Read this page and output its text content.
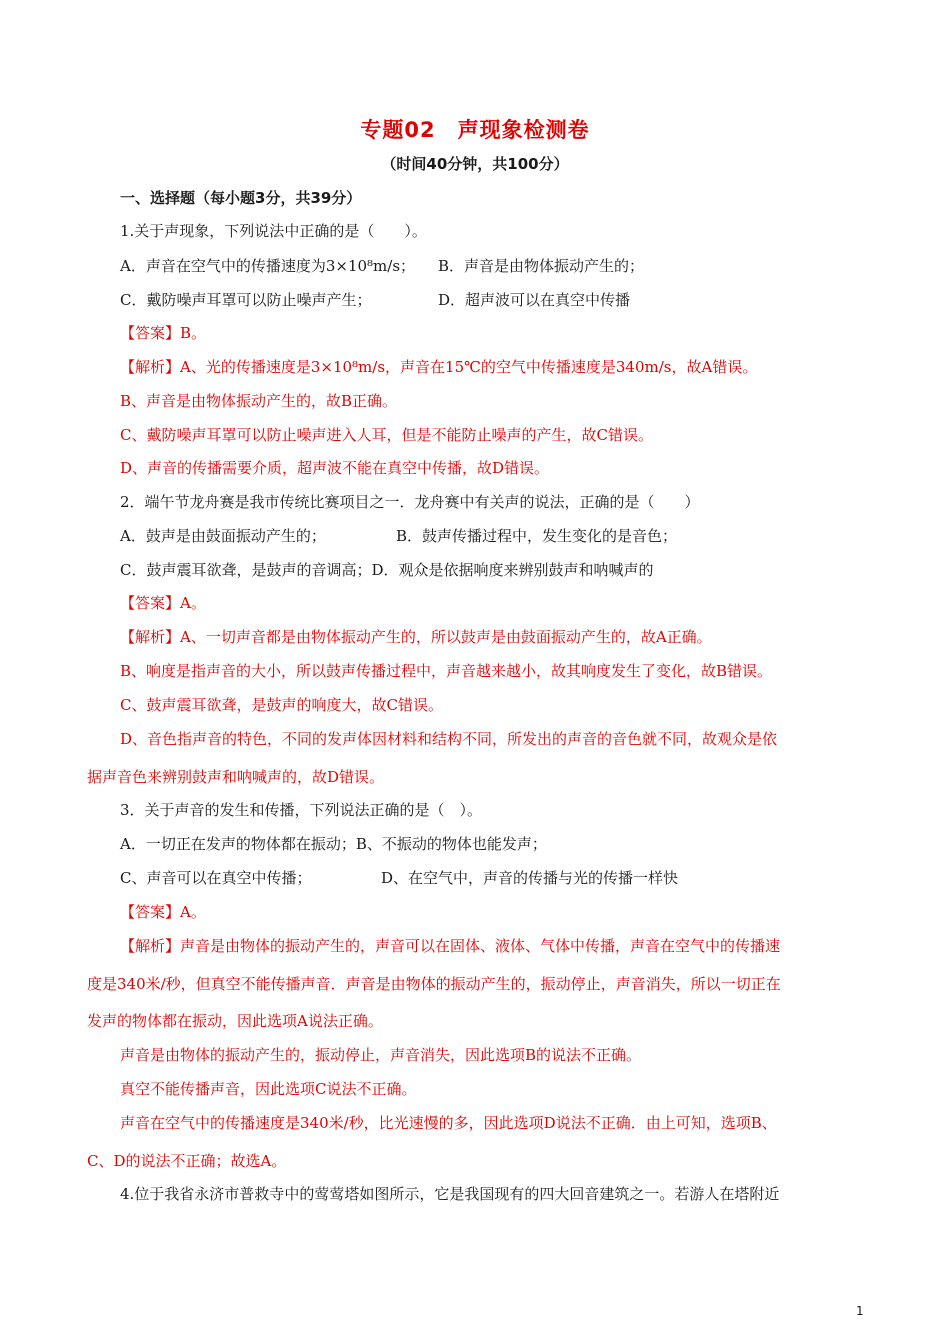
专题02　声现象检测卷
（时间40分钟，共100分）
一、选择题（每小题3分，共39分）
1.关于声现象，下列说法中正确的是（　　）。
A．声音在空气中的传播速度为3×10⁸m/s； B．声音是由物体振动产生的；
C．戴防噪声耳罩可以防止噪声产生；	D．超声波可以在真空中传播
【答案】B。
【解析】A、光的传播速度是3×10⁸m/s，声音在15℃的空气中传播速度是340m/s，故A错误。
B、声音是由物体振动产生的，故B正确。
C、戴防噪声耳罩可以防止噪声进入人耳，但是不能防止噪声的产生，故C错误。
D、声音的传播需要介质，超声波不能在真空中传播，故D错误。
2．端午节龙舟赛是我市传统比赛项目之一．龙舟赛中有关声的说法，正确的是（　　）
A．鼓声是由鼓面振动产生的；	B．鼓声传播过程中，发生变化的是音色；
C．鼓声震耳欲聋，是鼓声的音调高；D．观众是依据响度来辨别鼓声和呐喊声的
【答案】A。
【解析】A、一切声音都是由物体振动产生的，所以鼓声是由鼓面振动产生的，故A正确。
B、响度是指声音的大小，所以鼓声传播过程中，声音越来越小，故其响度发生了变化，故B错误。
C、鼓声震耳欲聋，是鼓声的响度大，故C错误。
D、音色指声音的特色，不同的发声体因材料和结构不同，所发出的声音的音色就不同，故观众是依
据声音色来辨别鼓声和呐喊声的，故D错误。
3．关于声音的发生和传播，下列说法正确的是（　）。
A．一切正在发声的物体都在振动；B、不振动的物体也能发声；
C、声音可以在真空中传播；	D、在空气中，声音的传播与光的传播一样快
【答案】A。
【解析】声音是由物体的振动产生的，声音可以在固体、液体、气体中传播，声音在空气中的传播速
度是340米/秒，但真空不能传播声音．声音是由物体的振动产生的，振动停止，声音消失，所以一切正在
发声的物体都在振动，因此选项A说法正确。
声音是由物体的振动产生的，振动停止，声音消失，因此选项B的说法不正确。
真空不能传播声音，因此选项C说法不正确。
声音在空气中的传播速度是340米/秒，比光速慢的多，因此选项D说法不正确．由上可知，选项B、
C、D的说法不正确；故选A。
4.位于我省永济市普救寺中的莺莺塔如图所示，它是我国现有的四大回音建筑之一。若游人在塔附近
1
